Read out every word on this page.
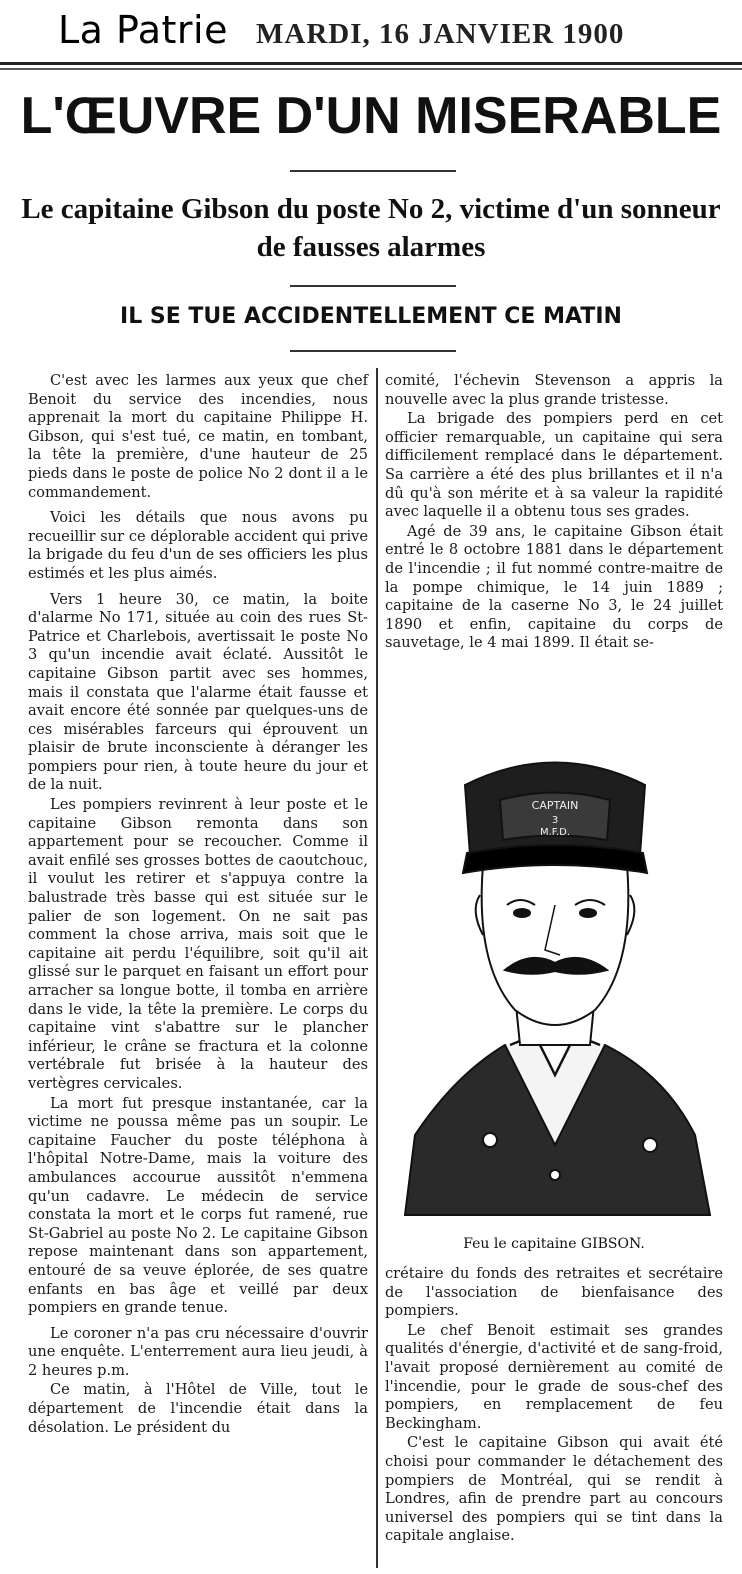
La Patrie MARDI, 16 JANVIER 1900
L'ŒUVRE D'UN MISERABLE
Le capitaine Gibson du poste No 2, victime d'un sonneur de fausses alarmes
IL SE TUE ACCIDENTELLEMENT CE MATIN

C'est avec les larmes aux yeux que chef Benoit du service des incendies, nous apprenait la mort du capitaine Philippe H. Gibson, qui s'est tué, ce matin, en tombant, la tête la première, d'une hauteur de 25 pieds dans le poste de police No 2 dont il a le commandement.

Voici les détails que nous avons pu recueillir sur ce déplorable accident qui prive la brigade du feu d'un de ses officiers les plus estimés et les plus aimés.

Vers 1 heure 30, ce matin, la boite d'alarme No 171, située au coin des rues St-Patrice et Charlebois, avertissait le poste No 3 qu'un incendie avait éclaté. Aussitôt le capitaine Gibson partit avec ses hommes, mais il constata que l'alarme était fausse et avait encore été sonnée par quelques-uns de ces misérables farceurs qui éprouvent un plaisir de brute inconsciente à déranger les pompiers pour rien, à toute heure du jour et de la nuit.

Les pompiers revinrent à leur poste et le capitaine Gibson remonta dans son appartement pour se recoucher. Comme il avait enfilé ses grosses bottes de caoutchouc, il voulut les retirer et s'appuya contre la balustrade très basse qui est située sur le palier de son logement. On ne sait pas comment la chose arriva, mais soit que le capitaine ait perdu l'équilibre, soit qu'il ait glissé sur le parquet en faisant un effort pour arracher sa longue botte, il tomba en arrière dans le vide, la tête la première. Le corps du capitaine vint s'abattre sur le plancher inférieur, le crâne se fractura et la colonne vertébrale fut brisée à la hauteur des vertègres cervicales.

La mort fut presque instantanée, car la victime ne poussa même pas un soupir. Le capitaine Faucher du poste téléphona à l'hôpital Notre-Dame, mais la voiture des ambulances accourue aussitôt n'emmena qu'un cadavre. Le médecin de service constata la mort et le corps fut ramené, rue St-Gabriel au poste No 2. Le capitaine Gibson repose maintenant dans son appartement, entouré de sa veuve éplorée, de ses quatre enfants en bas âge et veillé par deux pompiers en grande tenue.

Le coroner n'a pas cru nécessaire d'ouvrir une enquête. L'enterrement aura lieu jeudi, à 2 heures p.m.

Ce matin, à l'Hôtel de Ville, tout le département de l'incendie était dans la désolation. Le président du

comité, l'échevin Stevenson a appris la nouvelle avec la plus grande tristesse.

La brigade des pompiers perd en cet officier remarquable, un capitaine qui sera difficilement remplacé dans le département. Sa carrière a été des plus brillantes et il n'a dû qu'à son mérite et à sa valeur la rapidité avec laquelle il a obtenu tous ses grades.

Agé de 39 ans, le capitaine Gibson était entré le 8 octobre 1881 dans le département de l'incendie ; il fut nommé contre-maitre de la pompe chimique, le 14 juin 1889 ; capitaine de la caserne No 3, le 24 juillet 1890 et enfin, capitaine du corps de sauvetage, le 4 mai 1899. Il était se-

CAPTAIN
3
M.F.D.
Feu le capitaine GIBSON.

crétaire du fonds des retraites et secrétaire de l'association de bienfaisance des pompiers.

Le chef Benoit estimait ses grandes qualités d'énergie, d'activité et de sang-froid, l'avait proposé dernièrement au comité de l'incendie, pour le grade de sous-chef des pompiers, en remplacement de feu Beckingham.

C'est le capitaine Gibson qui avait été choisi pour commander le détachement des pompiers de Montréal, qui se rendit à Londres, afin de prendre part au concours universel des pompiers qui se tint dans la capitale anglaise.
